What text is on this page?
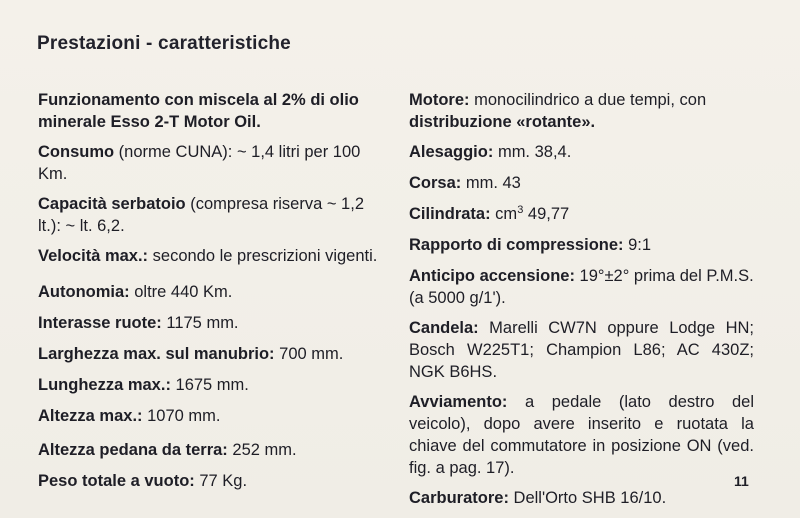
Prestazioni - caratteristiche

Funzionamento con miscela al 2% di olio minerale Esso 2-T Motor Oil.

Consumo (norme CUNA): ~ 1,4 litri per 100 Km.

Capacità serbatoio (compresa riserva ~ 1,2 lt.): ~ lt. 6,2.

Velocità max.: secondo le prescrizioni vigenti.

Autonomia: oltre 440 Km.

Interasse ruote: 1175 mm.

Larghezza max. sul manubrio: 700 mm.

Lunghezza max.: 1675 mm.

Altezza max.: 1070 mm.

Altezza pedana da terra: 252 mm.

Peso totale a vuoto: 77 Kg.

Motore: monocilindrico a due tempi, con distribuzione «rotante».

Alesaggio: mm. 38,4.

Corsa: mm. 43

Cilindrata: $cm^3$ 49,77

Rapporto di compressione: 9:1

Anticipo accensione: 19°±2° prima del P.M.S. (a 5000 g/1').

Candela: Marelli CW7N oppure Lodge HN; Bosch W225T1; Champion L86; AC 430Z; NGK B6HS.

Avviamento: a pedale (lato destro del veicolo), dopo avere inserito e ruotata la chiave del commutatore in posizione ON (ved. fig. a pag. 17).

Carburatore: Dell'Orto SHB 16/10.

11
